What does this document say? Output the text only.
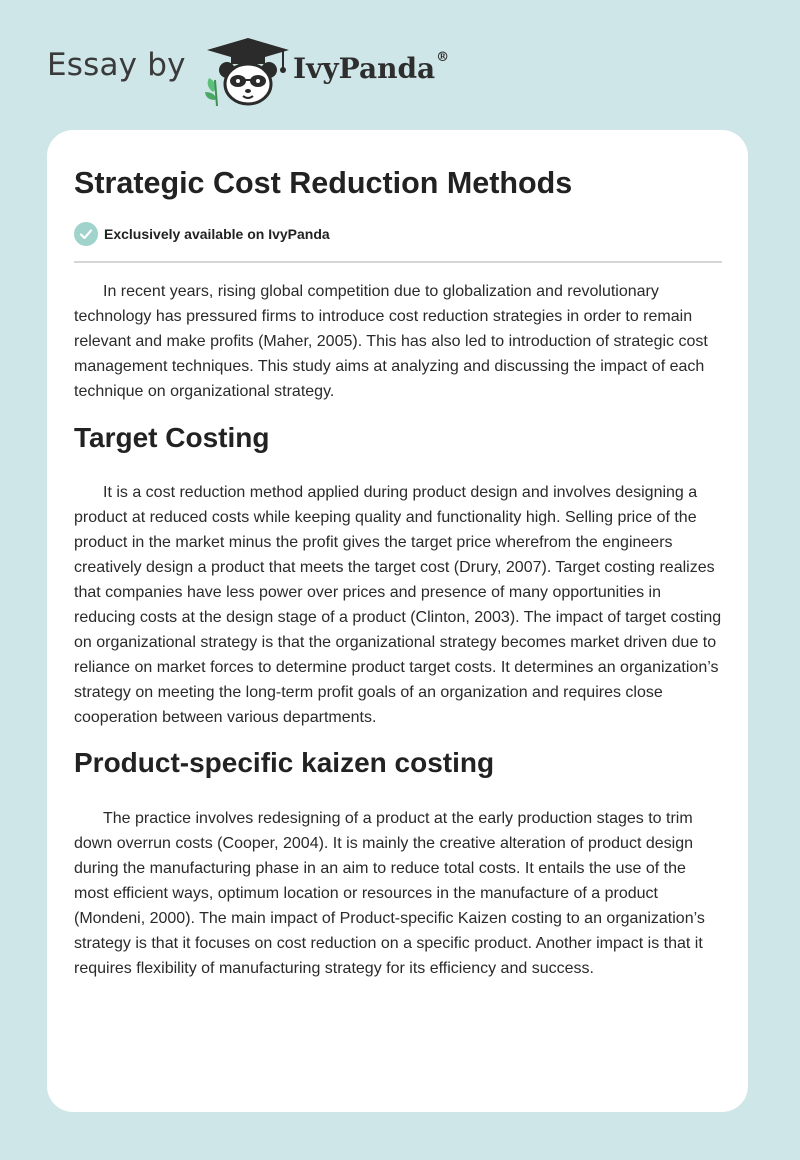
Essay by	IvyPanda®
Strategic Cost Reduction Methods
Exclusively available on IvyPanda

In recent years, rising global competition due to globalization and revolutionary technology has pressured firms to introduce cost reduction strategies in order to remain relevant and make profits (Maher, 2005). This has also led to introduction of strategic cost management techniques. This study aims at analyzing and discussing the impact of each technique on organizational strategy.

Target Costing

It is a cost reduction method applied during product design and involves designing a product at reduced costs while keeping quality and functionality high. Selling price of the product in the market minus the profit gives the target price wherefrom the engineers creatively design a product that meets the target cost (Drury, 2007). Target costing realizes that companies have less power over prices and presence of many opportunities in reducing costs at the design stage of a product (Clinton, 2003). The impact of target costing on organizational strategy is that the organizational strategy becomes market driven due to reliance on market forces to determine product target costs. It determines an organization’s strategy on meeting the long-term profit goals of an organization and requires close cooperation between various departments.

Product-specific kaizen costing

The practice involves redesigning of a product at the early production stages to trim down overrun costs (Cooper, 2004). It is mainly the creative alteration of product design during the manufacturing phase in an aim to reduce total costs. It entails the use of the most efficient ways, optimum location or resources in the manufacture of a product (Mondeni, 2000). The main impact of Product-specific Kaizen costing to an organization’s strategy is that it focuses on cost reduction on a specific product. Another impact is that it requires flexibility of manufacturing strategy for its efficiency and success.
